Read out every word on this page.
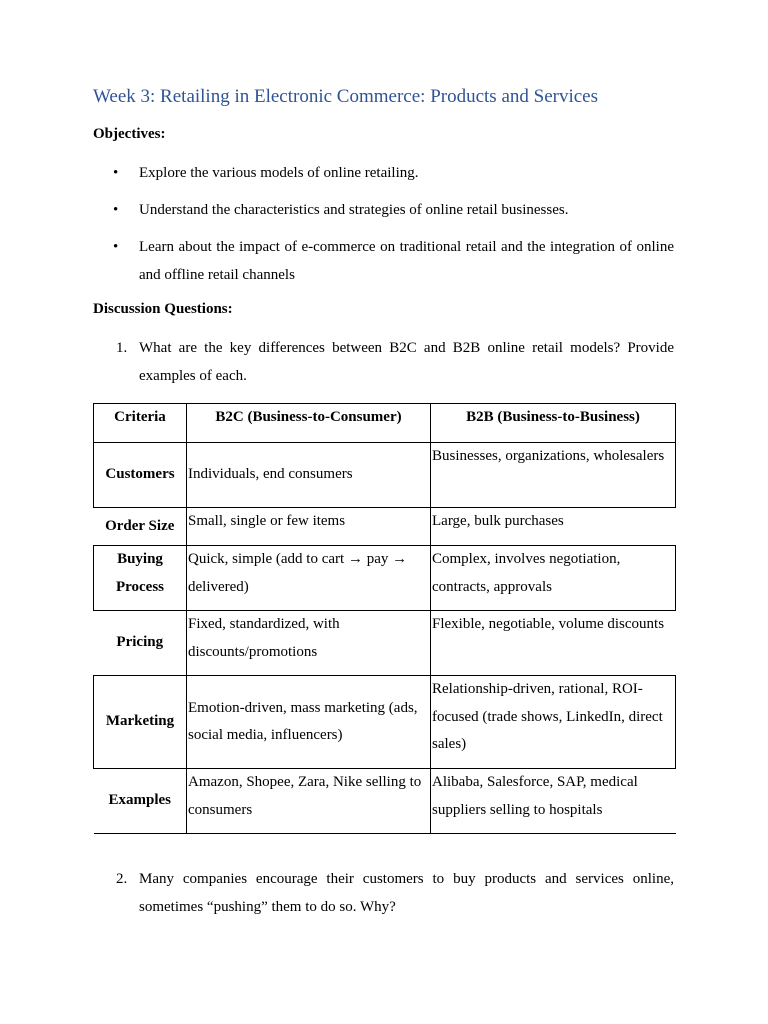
Week 3: Retailing in Electronic Commerce: Products and Services
Objectives:
• Explore the various models of online retailing.
• Understand the characteristics and strategies of online retail businesses.
• Learn about the impact of e-commerce on traditional retail and the integration of online and offline retail channels
Discussion Questions:
1. What are the key differences between B2C and B2B online retail models? Provide examples of each.
Criteria	B2C (Business-to-Consumer)	B2B (Business-to-Business)
Customers	Individuals, end consumers	Businesses, organizations, wholesalers
Order Size	Small, single or few items	Large, bulk purchases
Buying Process	Quick, simple (add to cart → pay → delivered)	Complex, involves negotiation, contracts, approvals
Pricing	Fixed, standardized, with discounts/promotions	Flexible, negotiable, volume discounts
Marketing	Emotion-driven, mass marketing (ads, social media, influencers)	Relationship-driven, rational, ROI-focused (trade shows, LinkedIn, direct sales)
Examples	Amazon, Shopee, Zara, Nike selling to consumers	Alibaba, Salesforce, SAP, medical suppliers selling to hospitals
2. Many companies encourage their customers to buy products and services online, sometimes “pushing” them to do so. Why?
